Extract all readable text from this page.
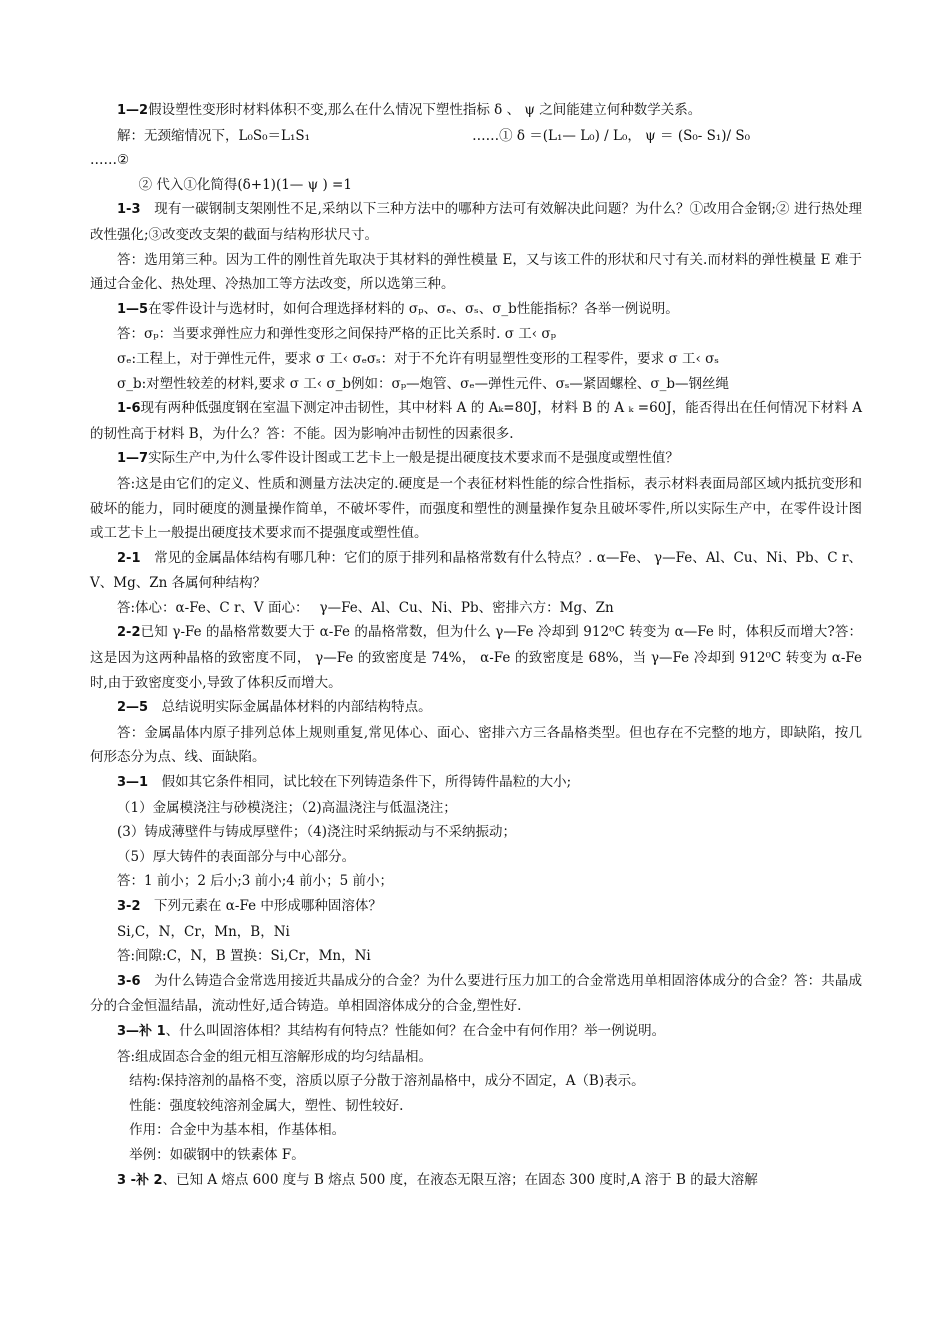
1—2假设塑性变形时材料体积不变,那么在什么情况下塑性指标 δ 、 ψ 之间能建立何种数学关系。

解：无颈缩情况下，L₀S₀＝L₁S₁　　　　　　　　　　　　……① δ ＝(L₁— L₀) / L₀， ψ ＝ (S₀- S₁)/ S₀

……②

② 代入①化简得(δ+1)(1— ψ ) =1

1-3　现有一碳钢制支架刚性不足,采纳以下三种方法中的哪种方法可有效解决此问题？为什么？①改用合金钢;② 进行热处理改性强化;③改变改支架的截面与结构形状尺寸。

答：选用第三种。因为工件的刚性首先取决于其材料的弹性模量 E，又与该工件的形状和尺寸有关.而材料的弹性模量 E 难于通过合金化、热处理、冷热加工等方法改变，所以选第三种。

1—5在零件设计与选材时，如何合理选择材料的 σₚ、σₑ、σₛ、σ_b性能指标？各举一例说明。

答：σₚ：当要求弹性应力和弹性变形之间保持严格的正比关系时. σ 工‹ σₚ

σₑ:工程上，对于弹性元件，要求 σ 工‹ σₑσₛ：对于不允许有明显塑性变形的工程零件，要求 σ 工‹ σₛ

σ_b:对塑性较差的材料,要求 σ 工‹ σ_b例如：σₚ—炮管、σₑ—弹性元件、σₛ—紧固螺栓、σ_b—钢丝绳

1-6现有两种低强度钢在室温下测定冲击韧性，其中材料 A 的 Aₖ=80J，材料 B 的 A ₖ =60J，能否得出在任何情况下材料 A 的韧性高于材料 B，为什么？答：不能。因为影响冲击韧性的因素很多.

1—7实际生产中,为什么零件设计图或工艺卡上一般是提出硬度技术要求而不是强度或塑性值？

答:这是由它们的定义、性质和测量方法决定的.硬度是一个表征材料性能的综合性指标，表示材料表面局部区域内抵抗变形和破坏的能力，同时硬度的测量操作简单，不破坏零件，而强度和塑性的测量操作复杂且破坏零件,所以实际生产中，在零件设计图或工艺卡上一般提出硬度技术要求而不提强度或塑性值。

2-1　常见的金属晶体结构有哪几种：它们的原于排列和晶格常数有什么特点？. α—Fe、 γ—Fe、Al、Cu、Ni、Pb、C r、V、Mg、Zn 各属何种结构？

答:体心：α-Fe、C r、V 面心：　 γ—Fe、Al、Cu、Ni、Pb、密排六方：Mg、Zn

2-2已知 γ-Fe 的晶格常数要大于 α-Fe 的晶格常数，但为什么 γ—Fe 冷却到 912⁰C 转变为 α—Fe 时，体积反而增大?答：这是因为这两种晶格的致密度不同， γ—Fe 的致密度是 74%， α-Fe 的致密度是 68%，当 γ—Fe 冷却到 912⁰C 转变为 α-Fe 时,由于致密度变小,导致了体积反而增大。

2—5　总结说明实际金属晶体材料的内部结构特点。

答：金属晶体内原子排列总体上规则重复,常见体心、面心、密排六方三各晶格类型。但也存在不完整的地方，即缺陷，按几何形态分为点、线、面缺陷。

3—1　假如其它条件相同，试比较在下列铸造条件下，所得铸件晶粒的大小;

（1）金属模浇注与砂模浇注；（2)高温浇注与低温浇注；

(3）铸成薄壁件与铸成厚壁件；（4)浇注时采纳振动与不采纳振动；

（5）厚大铸件的表面部分与中心部分。

答：1 前小；2 后小;3 前小;4 前小；5 前小；

3-2　下列元素在 α-Fe 中形成哪种固溶体？

Si,C，N，Cr，Mn，B，Ni

答:间隙:C，N，B 置换：Si,Cr，Mn，Ni

3-6　为什么铸造合金常选用接近共晶成分的合金？为什么要进行压力加工的合金常选用单相固溶体成分的合金？答：共晶成分的合金恒温结晶，流动性好,适合铸造。单相固溶体成分的合金,塑性好.

3—补 1、什么叫固溶体相？其结构有何特点？性能如何？在合金中有何作用？举一例说明。

答:组成固态合金的组元相互溶解形成的均匀结晶相。

结构:保持溶剂的晶格不变，溶质以原子分散于溶剂晶格中，成分不固定，A（B)表示。

性能：强度较纯溶剂金属大，塑性、韧性较好.

作用：合金中为基本相，作基体相。

举例：如碳钢中的铁素体 F。

3 -补 2、已知 A 熔点 600 度与 B 熔点 500 度，在液态无限互溶；在固态 300 度时,A 溶于 B 的最大溶解
